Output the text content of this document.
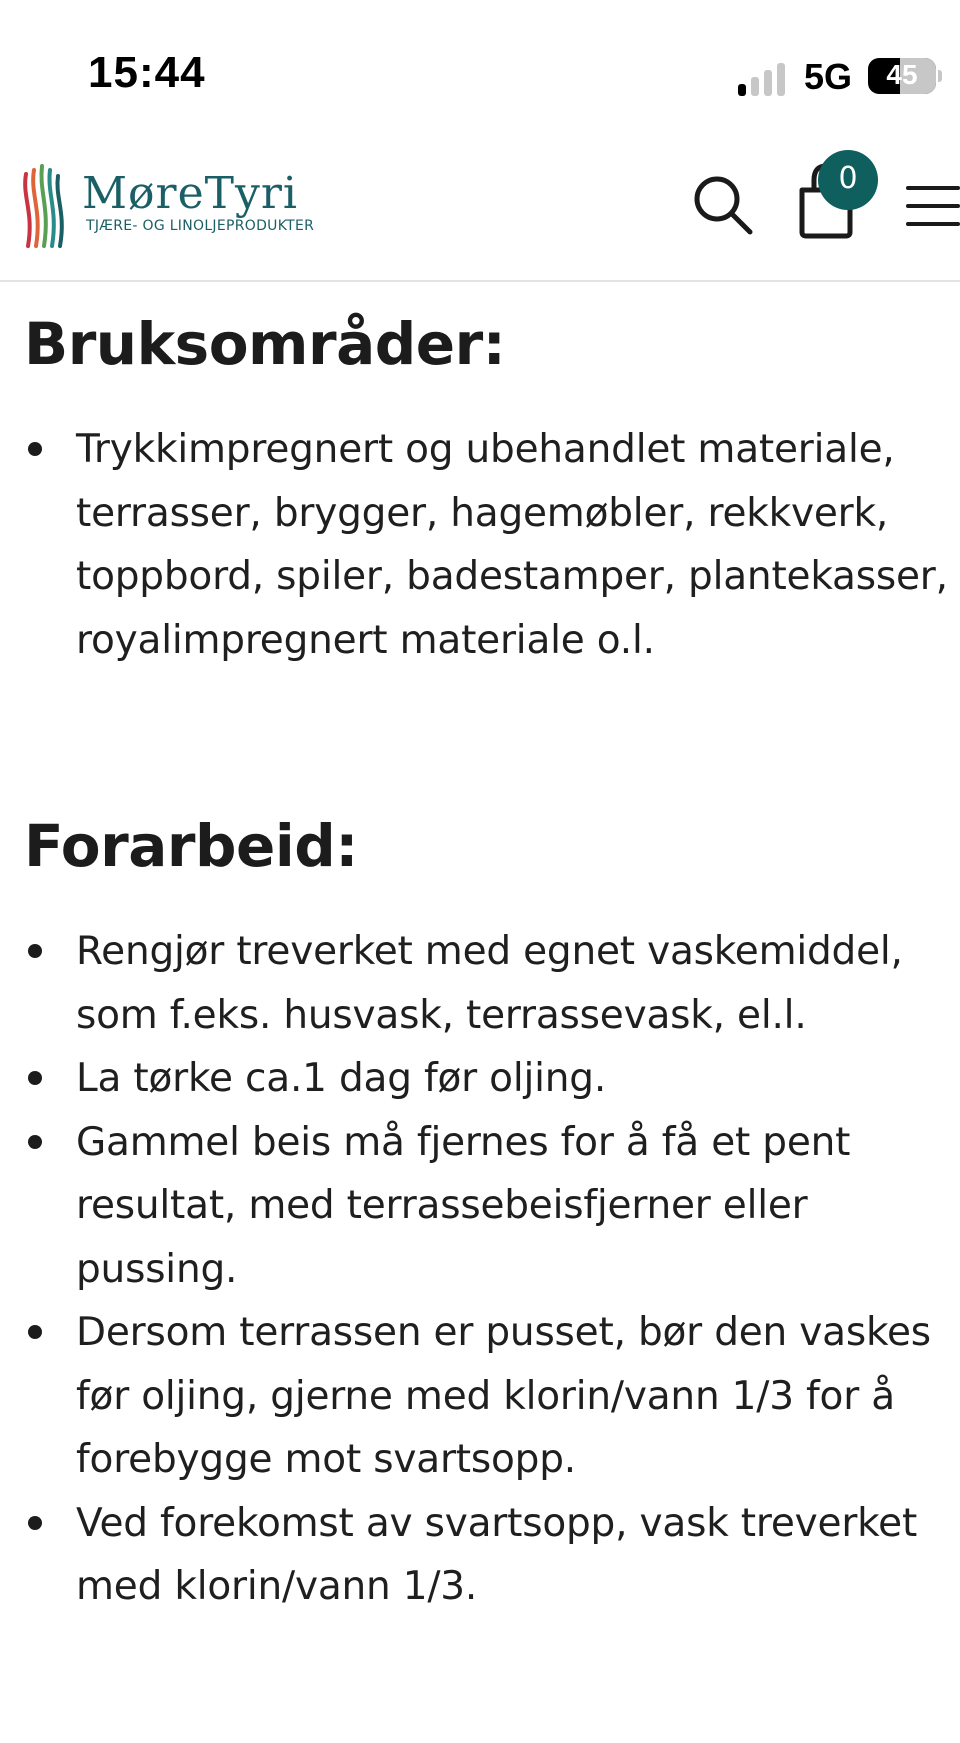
15:44	5G	45
MøreTyri
TJÆRE- OG LINOLJEPRODUKTER
0
Bruksområder:
Trykkimpregnert og ubehandlet materiale,
terrasser, brygger, hagemøbler, rekkverk,
toppbord, spiler, badestamper, plantekasser,
royalimpregnert materiale o.l.
Forarbeid:
Rengjør treverket med egnet vaskemiddel,
som f.eks. husvask, terrassevask, el.l.
La tørke ca.1 dag før oljing.
Gammel beis må fjernes for å få et pent
resultat, med terrassebeisfjerner eller
pussing.
Dersom terrassen er pusset, bør den vaskes
før oljing, gjerne med klorin/vann 1/3 for å
forebygge mot svartsopp.
Ved forekomst av svartsopp, vask treverket
med klorin/vann 1/3.
